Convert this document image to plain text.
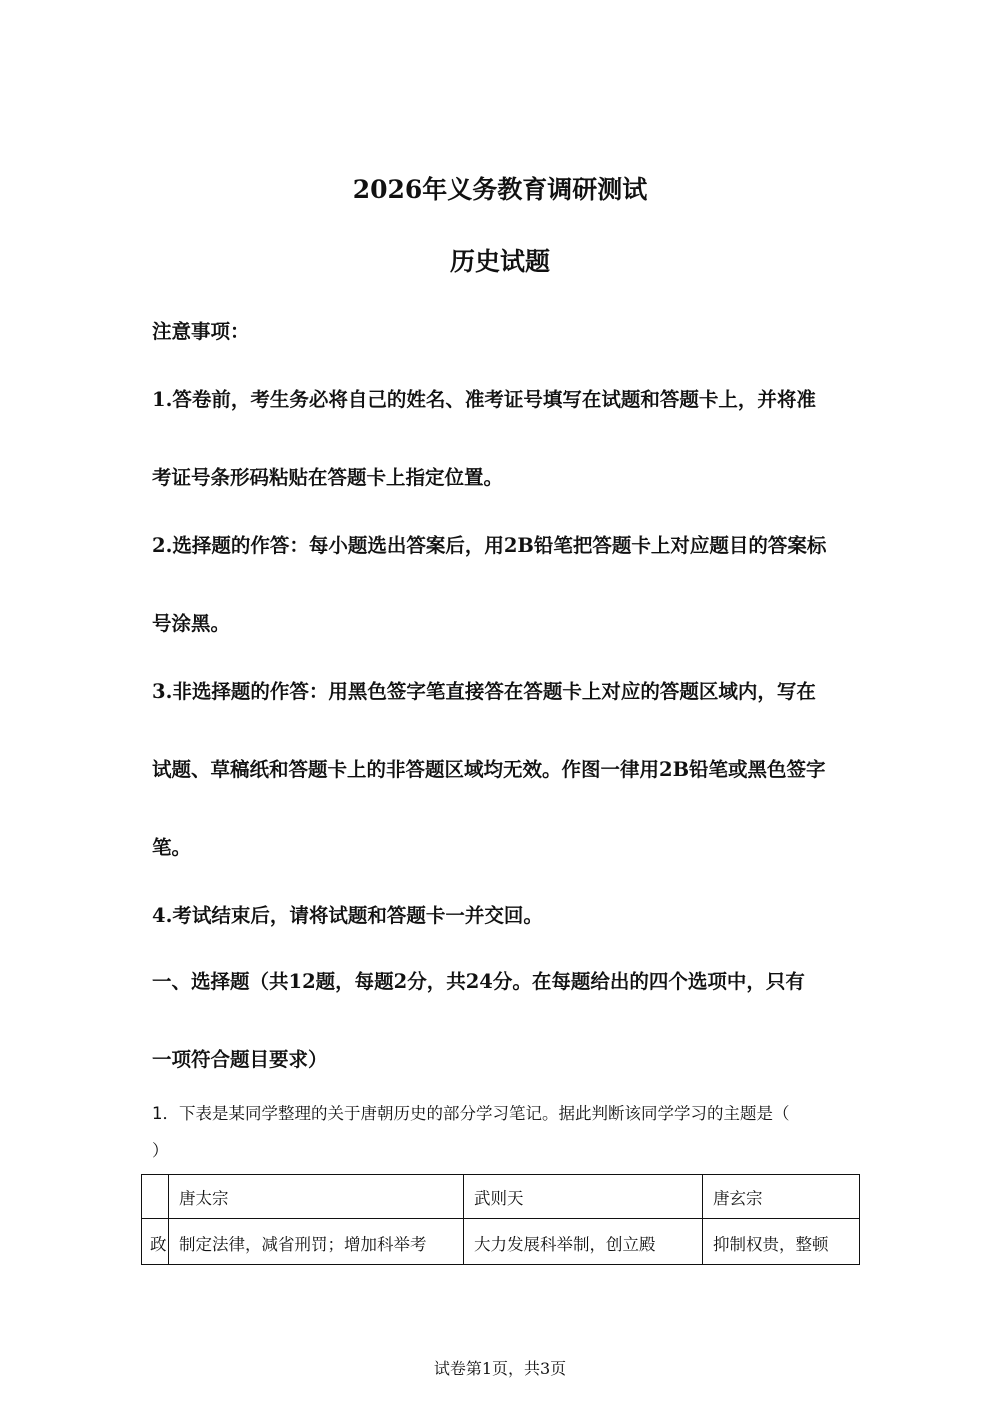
2026年义务教育调研测试
历史试题
注意事项：
1.答卷前，考生务必将自己的姓名、准考证号填写在试题和答题卡上，并将准
考证号条形码粘贴在答题卡上指定位置。
2.选择题的作答：每小题选出答案后，用2B铅笔把答题卡上对应题目的答案标
号涂黑。
3.非选择题的作答：用黑色签字笔直接答在答题卡上对应的答题区域内，写在
试题、草稿纸和答题卡上的非答题区域均无效。作图一律用2B铅笔或黑色签字
笔。
4.考试结束后，请将试题和答题卡一并交回。
一、选择题（共12题，每题2分，共24分。在每题给出的四个选项中，只有
一项符合题目要求）
1．下表是某同学整理的关于唐朝历史的部分学习笔记。据此判断该同学学习的主题是（
）
	唐太宗	武则天	唐玄宗
政	制定法律，减省刑罚；增加科举考	大力发展科举制，创立殿	抑制权贵，整顿
试卷第1页，共3页
